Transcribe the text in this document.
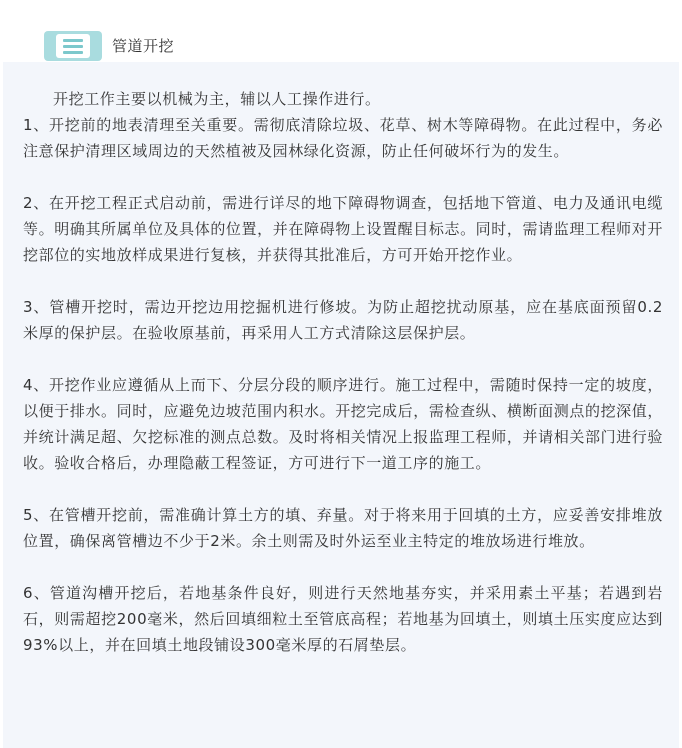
管道开挖

开挖工作主要以机械为主，辅以人工操作进行。

1、开挖前的地表清理至关重要。需彻底清除垃圾、花草、树木等障碍物。在此过程中，务必注意保护清理区域周边的天然植被及园林绿化资源，防止任何破坏行为的发生。

2、在开挖工程正式启动前，需进行详尽的地下障碍物调查，包括地下管道、电力及通讯电缆等。明确其所属单位及具体的位置，并在障碍物上设置醒目标志。同时，需请监理工程师对开挖部位的实地放样成果进行复核，并获得其批准后，方可开始开挖作业。

3、管槽开挖时，需边开挖边用挖掘机进行修坡。为防止超挖扰动原基，应在基底面预留0.2米厚的保护层。在验收原基前，再采用人工方式清除这层保护层。

4、开挖作业应遵循从上而下、分层分段的顺序进行。施工过程中，需随时保持一定的坡度，以便于排水。同时，应避免边坡范围内积水。开挖完成后，需检查纵、横断面测点的挖深值，并统计满足超、欠挖标准的测点总数。及时将相关情况上报监理工程师，并请相关部门进行验收。验收合格后，办理隐蔽工程签证，方可进行下一道工序的施工。

5、在管槽开挖前，需准确计算土方的填、弃量。对于将来用于回填的土方，应妥善安排堆放位置，确保离管槽边不少于2米。余土则需及时外运至业主特定的堆放场进行堆放。

6、管道沟槽开挖后，若地基条件良好，则进行天然地基夯实，并采用素土平基；若遇到岩石，则需超挖200毫米，然后回填细粒土至管底高程；若地基为回填土，则填土压实度应达到93%以上，并在回填土地段铺设300毫米厚的石屑垫层。
